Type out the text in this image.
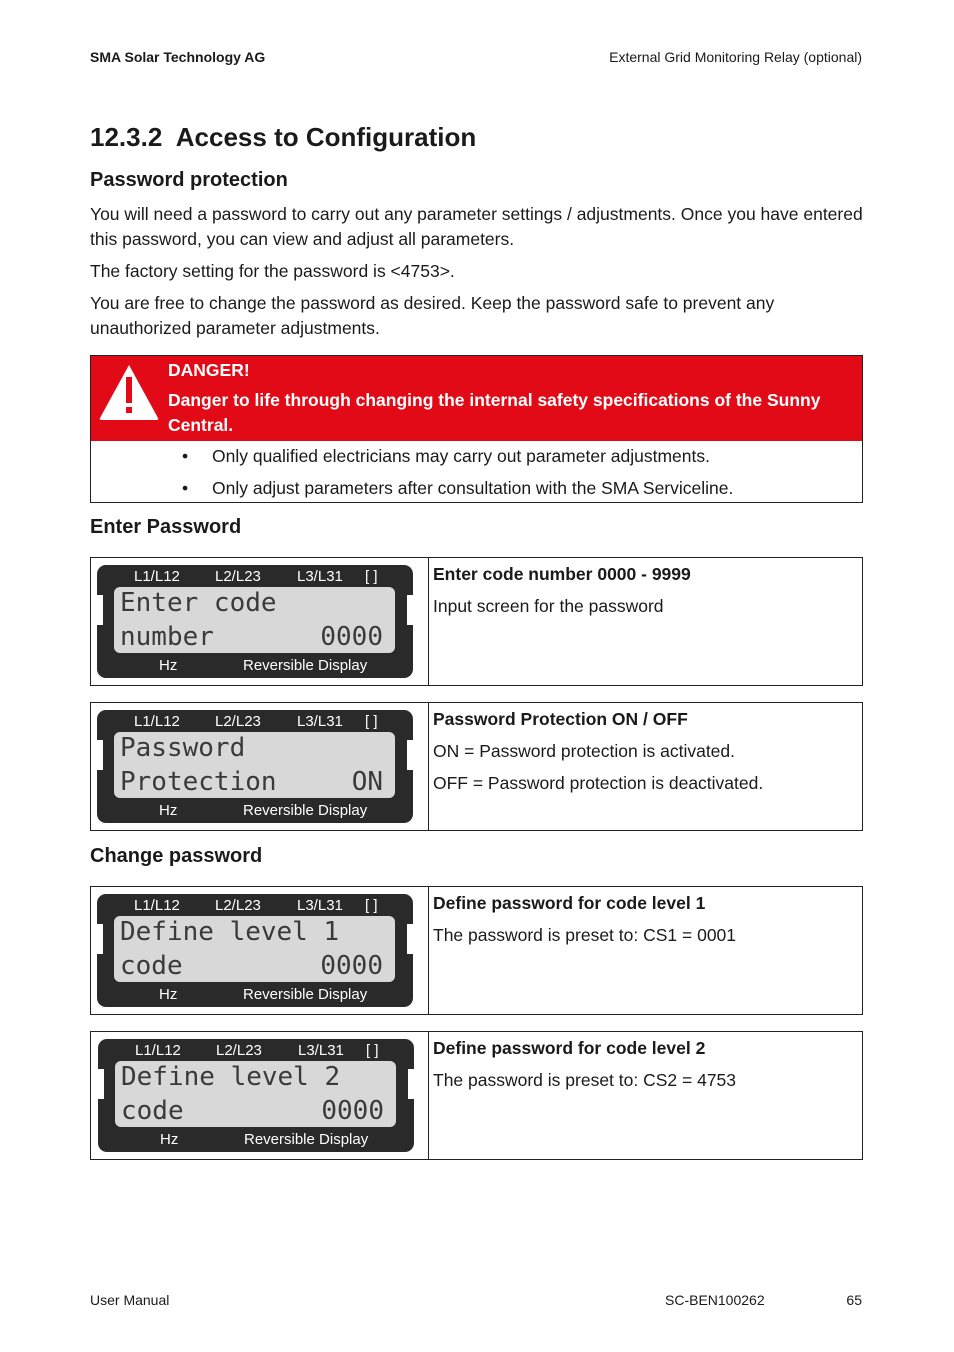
SMA Solar Technology AG	External Grid Monitoring Relay (optional)
12.3.2  Access to Configuration
Password protection

You will need a password to carry out any parameter settings / adjustments. Once you have entered this password, you can view and adjust all parameters.

The factory setting for the password is <4753>.

You are free to change the password as desired. Keep the password safe to prevent any unauthorized parameter adjustments.

DANGER!
Danger to life through changing the internal safety specifications of the Sunny Central.
• Only qualified electricians may carry out parameter adjustments.
• Only adjust parameters after consultation with the SMA Serviceline.
Enter Password
L1/L12 L2/L23 L3/L31 [ ]
Enter code
number	0000
Hz	Reversible Display
Enter code number 0000 - 9999
Input screen for the password
L1/L12 L2/L23 L3/L31 [ ]
Password
Protection	ON
Hz	Reversible Display
Password Protection ON / OFF
ON = Password protection is activated.
OFF = Password protection is deactivated.
Change password
L1/L12 L2/L23 L3/L31 [ ]
Define level 1
code	0000
Hz	Reversible Display
Define password for code level 1
The password is preset to: CS1 = 0001
L1/L12 L2/L23 L3/L31 [ ]
Define level 2
code	0000
Hz	Reversible Display
Define password for code level 2
The password is preset to: CS2 = 4753
User Manual	SC-BEN100262	65
